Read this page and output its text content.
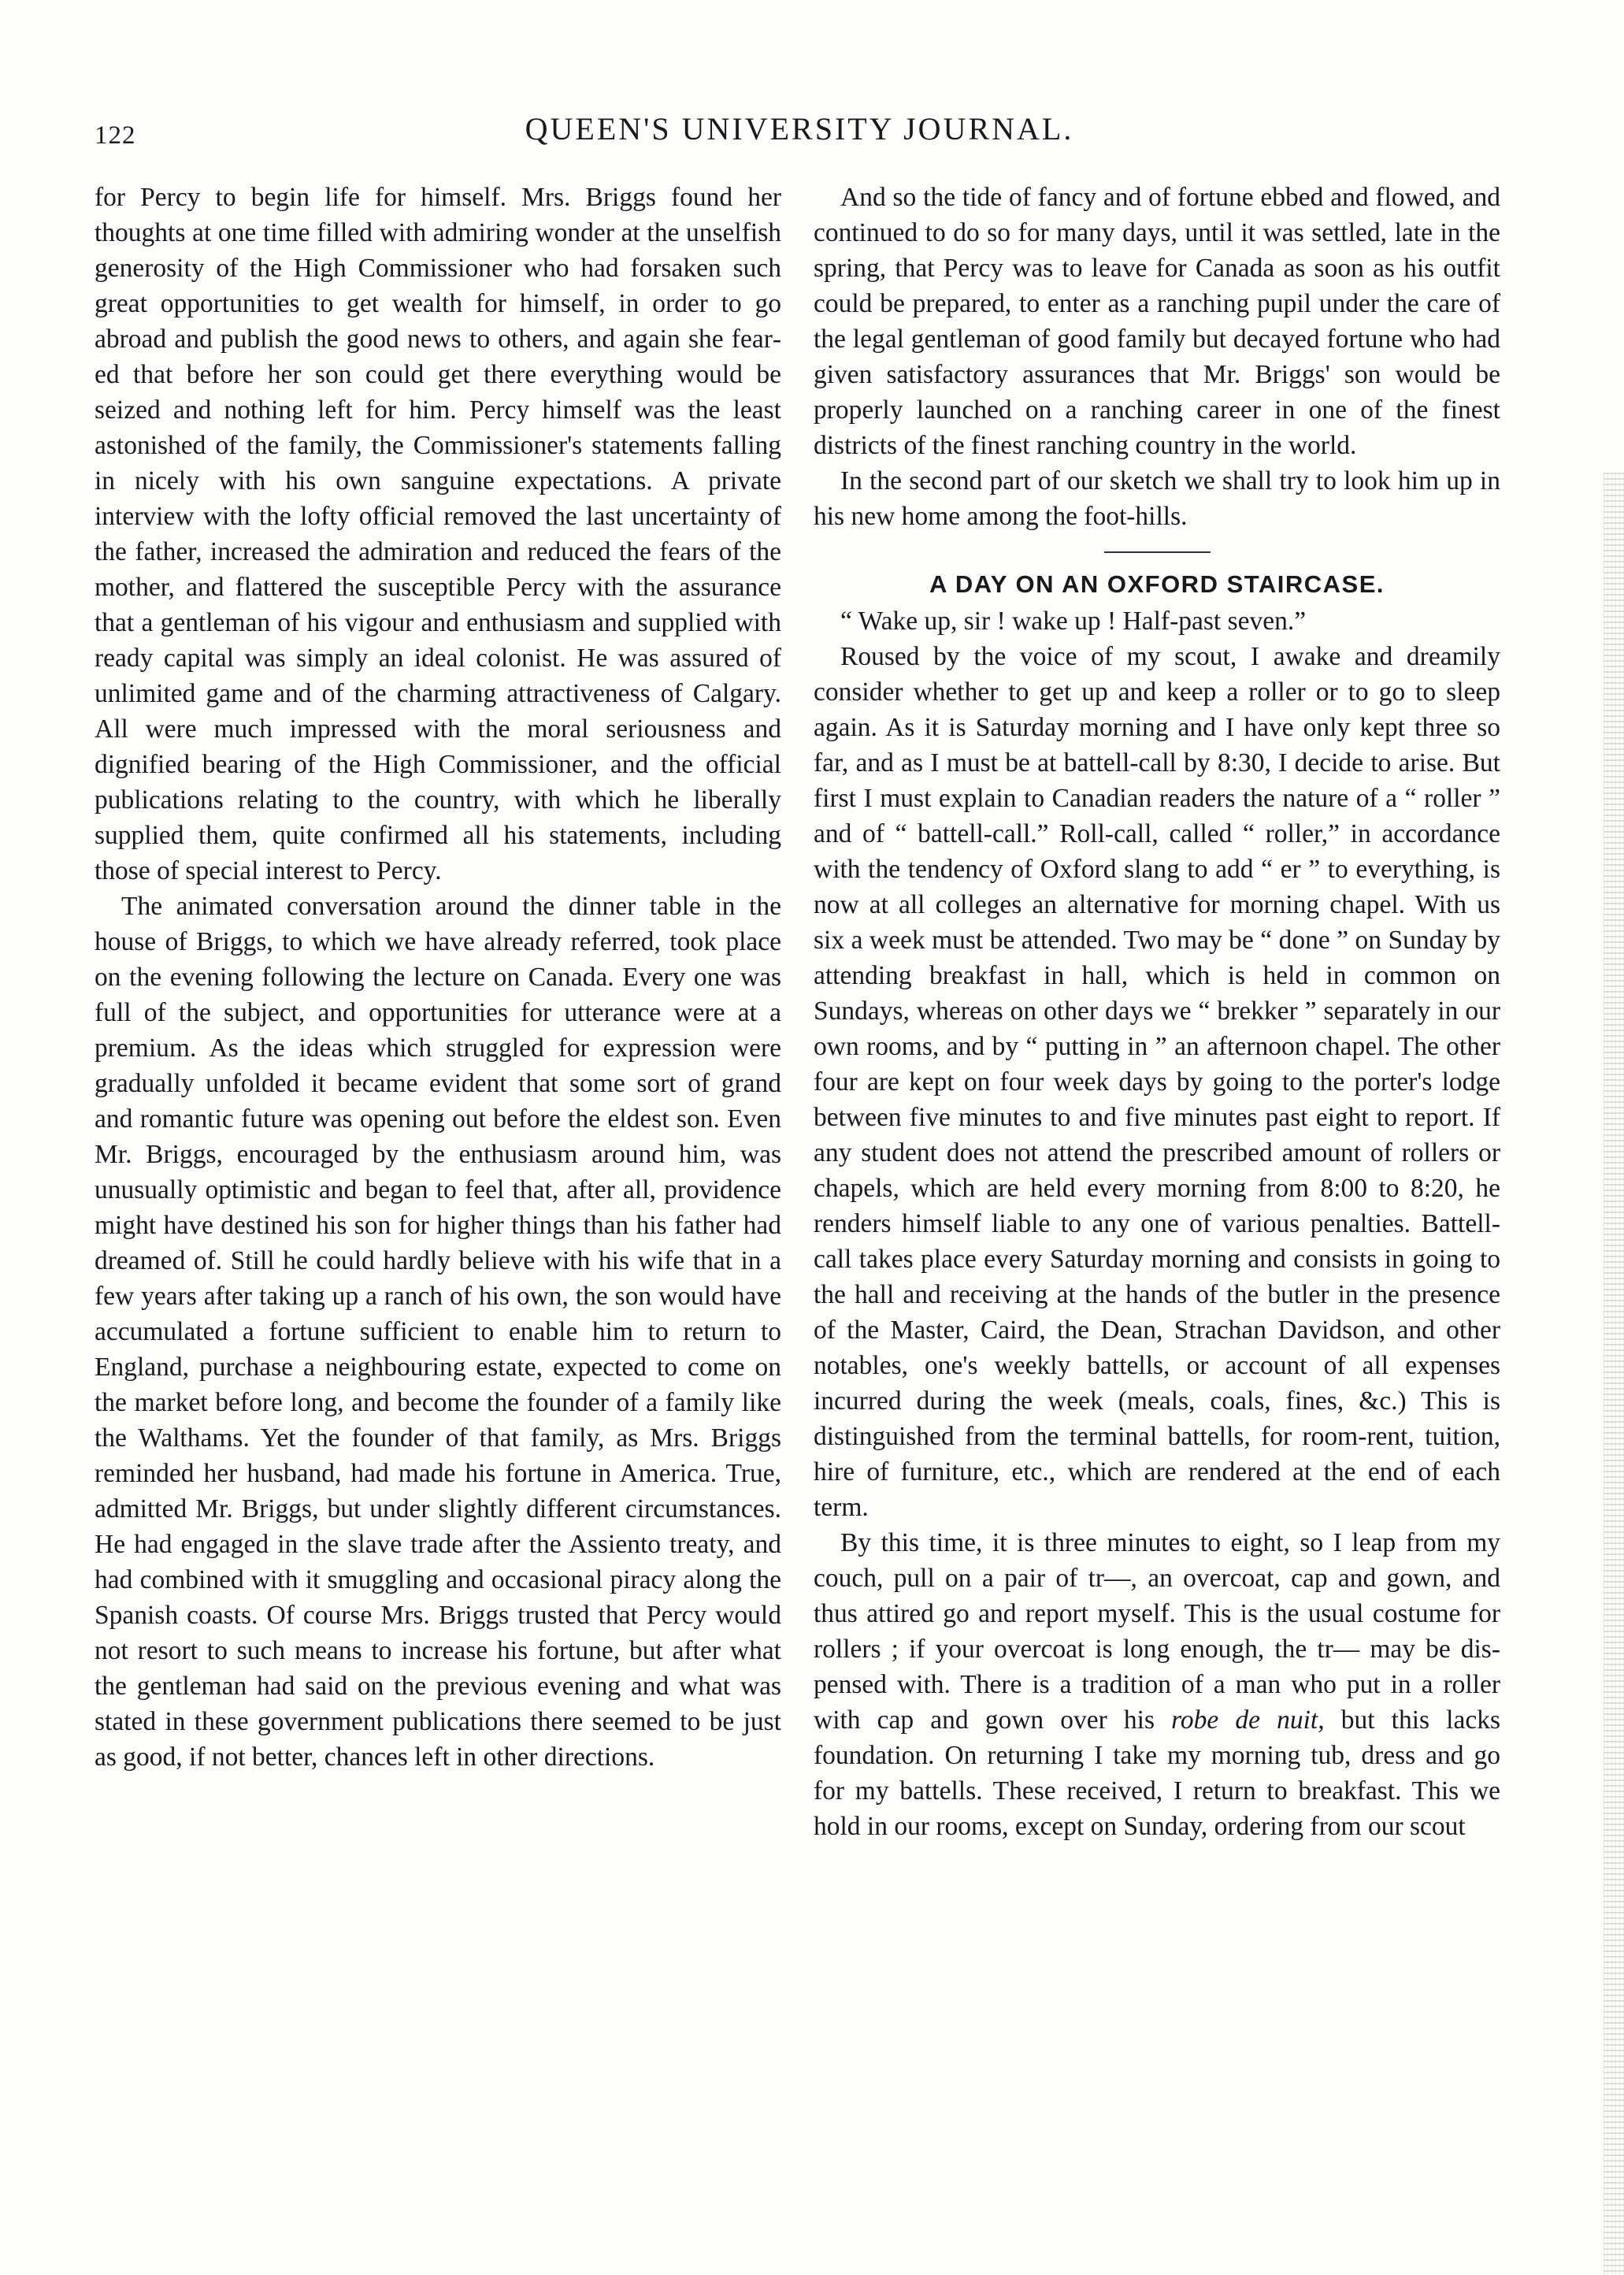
122	QUEEN'S UNIVERSITY JOURNAL.

for Percy to begin life for himself. Mrs. Briggs found her thoughts at one time filled with admiring wonder at the unselfish generosity of the High Commissioner who had forsaken such great opportunities to get wealth for himself, in order to go abroad and publish the good news to others, and again she feared that before her son could get there everything would be seized and nothing left for him. Percy himself was the least astonished of the family, the Commissioner's statements falling in nicely with his own sanguine expectations. A private interview with the lofty official removed the last uncertainty of the father, increased the admiration and reduced the fears of the mother, and flattered the susceptible Percy with the assurance that a gentleman of his vigour and enthusiasm and supplied with ready capital was simply an ideal colonist. He was assured of unlimited game and of the charming attractiveness of Calgary. All were much impressed with the moral seriousness and dignified bearing of the High Commissioner, and the official publications relating to the country, with which he liberally supplied them, quite confirmed all his statements, including those of special interest to Percy.

The animated conversation around the dinner table in the house of Briggs, to which we have already referred, took place on the evening following the lecture on Canada. Every one was full of the subject, and opportunities for utterance were at a premium. As the ideas which struggled for expression were gradually unfolded it became evident that some sort of grand and romantic future was opening out before the eldest son. Even Mr. Briggs, encouraged by the enthusiasm around him, was unusually optimistic and began to feel that, after all, providence might have destined his son for higher things than his father had dreamed of. Still he could hardly believe with his wife that in a few years after taking up a ranch of his own, the son would have accumulated a fortune sufficient to enable him to return to England, purchase a neighbouring estate, expected to come on the market before long, and become the founder of a family like the Walthams. Yet the founder of that family, as Mrs. Briggs reminded her husband, had made his fortune in America. True, admitted Mr. Briggs, but under slightly different circumstances. He had engaged in the slave trade after the Assiento treaty, and had combined with it smuggling and occasional piracy along the Spanish coasts. Of course Mrs. Briggs trusted that Percy would not resort to such means to increase his fortune, but after what the gentleman had said on the previous evening and what was stated in these government publications there seemed to be just as good, if not better, chances left in other directions.

And so the tide of fancy and of fortune ebbed and flowed, and continued to do so for many days, until it was settled, late in the spring, that Percy was to leave for Canada as soon as his outfit could be prepared, to enter as a ranching pupil under the care of the legal gentleman of good family but decayed fortune who had given satisfactory assurances that Mr. Briggs' son would be properly launched on a ranching career in one of the finest districts of the finest ranching country in the world.

In the second part of our sketch we shall try to look him up in his new home among the foot-hills.

A DAY ON AN OXFORD STAIRCASE.

“ Wake up, sir ! wake up ! Half-past seven.”

Roused by the voice of my scout, I awake and dreamily consider whether to get up and keep a roller or to go to sleep again. As it is Saturday morning and I have only kept three so far, and as I must be at battell-call by 8:30, I decide to arise. But first I must explain to Canadian readers the nature of a “ roller ” and of “ battell-call.” Roll-call, called “ roller,” in accordance with the tendency of Oxford slang to add “ er ” to everything, is now at all colleges an alternative for morning chapel. With us six a week must be attended. Two may be “ done ” on Sunday by attending breakfast in hall, which is held in common on Sundays, whereas on other days we “ brekker ” separately in our own rooms, and by “ putting in ” an afternoon chapel. The other four are kept on four week days by going to the porter's lodge between five minutes to and five minutes past eight to report. If any student does not attend the prescribed amount of rollers or chapels, which are held every morning from 8:00 to 8:20, he renders himself liable to any one of various penalties. Battell-call takes place every Saturday morning and consists in going to the hall and receiving at the hands of the butler in the presence of the Master, Caird, the Dean, Strachan Davidson, and other notables, one's weekly battells, or account of all expenses incurred during the week (meals, coals, fines, &c.) This is distinguished from the terminal battells, for room-rent, tuition, hire of furniture, etc., which are rendered at the end of each term.

By this time, it is three minutes to eight, so I leap from my couch, pull on a pair of tr—, an overcoat, cap and gown, and thus attired go and report myself. This is the usual costume for rollers ; if your overcoat is long enough, the tr— may be dispensed with. There is a tradition of a man who put in a roller with cap and gown over his robe de nuit, but this lacks foundation. On returning I take my morning tub, dress and go for my battells. These received, I return to breakfast. This we hold in our rooms, except on Sunday, ordering from our scout
